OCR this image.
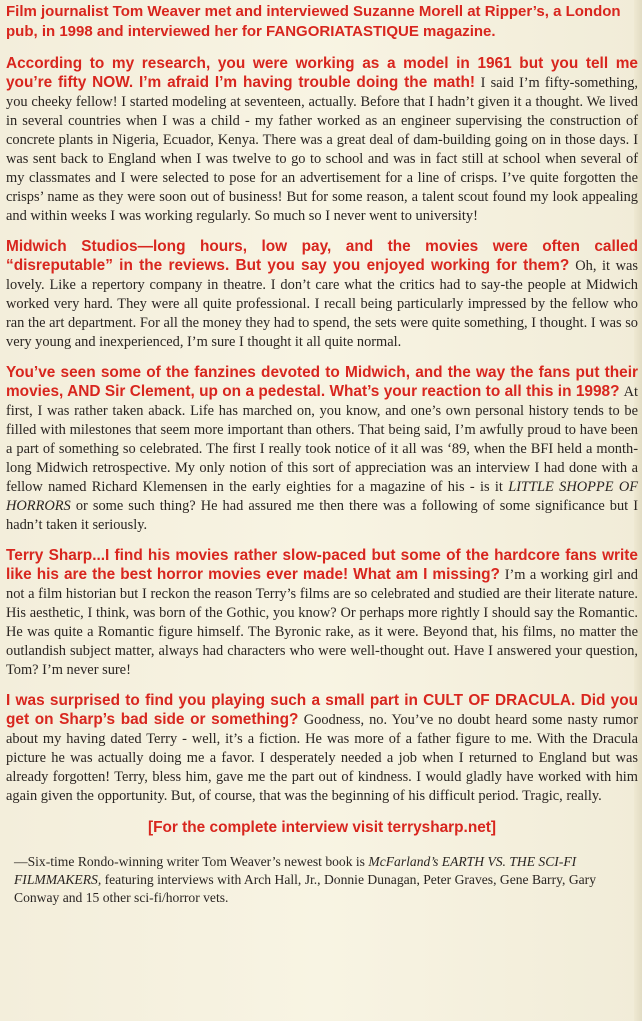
Film journalist Tom Weaver met and interviewed Suzanne Morell at Ripper’s, a London pub, in 1998 and interviewed her for FANGORIATASTIQUE magazine.

According to my research, you were working as a model in 1961 but you tell me you’re fifty NOW. I’m afraid I’m having trouble doing the math! I said I’m fifty-something, you cheeky fellow! I started modeling at seventeen, actually. Before that I hadn’t given it a thought. We lived in several countries when I was a child - my father worked as an engineer supervising the construction of concrete plants in Nigeria, Ecuador, Kenya. There was a great deal of dam-building going on in those days. I was sent back to England when I was twelve to go to school and was in fact still at school when several of my classmates and I were selected to pose for an advertisement for a line of crisps. I’ve quite forgotten the crisps’ name as they were soon out of business! But for some reason, a talent scout found my look appealing and within weeks I was working regularly. So much so I never went to university!

Midwich Studios—long hours, low pay, and the movies were often called “disreputable” in the reviews. But you say you enjoyed working for them? Oh, it was lovely. Like a repertory company in theatre. I don’t care what the critics had to say-the people at Midwich worked very hard. They were all quite professional. I recall being particularly impressed by the fellow who ran the art department. For all the money they had to spend, the sets were quite something, I thought. I was so very young and inexperienced, I’m sure I thought it all quite normal.

You’ve seen some of the fanzines devoted to Midwich, and the way the fans put their movies, AND Sir Clement, up on a pedestal. What’s your reaction to all this in 1998? At first, I was rather taken aback. Life has marched on, you know, and one’s own personal history tends to be filled with milestones that seem more important than others. That being said, I’m awfully proud to have been a part of something so celebrated. The first I really took notice of it all was ‘89, when the BFI held a month-long Midwich retrospective. My only notion of this sort of appreciation was an interview I had done with a fellow named Richard Klemensen in the early eighties for a magazine of his - is it LITTLE SHOPPE OF HORRORS or some such thing? He had assured me then there was a following of some significance but I hadn’t taken it seriously.

Terry Sharp...I find his movies rather slow-paced but some of the hardcore fans write like his are the best horror movies ever made! What am I missing? I’m a working girl and not a film historian but I reckon the reason Terry’s films are so celebrated and studied are their literate nature. His aesthetic, I think, was born of the Gothic, you know? Or perhaps more rightly I should say the Romantic. He was quite a Romantic figure himself. The Byronic rake, as it were. Beyond that, his films, no matter the outlandish subject matter, always had characters who were well-thought out. Have I answered your question, Tom? I’m never sure!

I was surprised to find you playing such a small part in CULT OF DRACULA. Did you get on Sharp’s bad side or something? Goodness, no. You’ve no doubt heard some nasty rumor about my having dated Terry - well, it’s a fiction. He was more of a father figure to me. With the Dracula picture he was actually doing me a favor. I desperately needed a job when I returned to England but was already forgotten! Terry, bless him, gave me the part out of kindness. I would gladly have worked with him again given the opportunity. But, of course, that was the beginning of his difficult period. Tragic, really.

[For the complete interview visit terrysharp.net]

—Six-time Rondo-winning writer Tom Weaver’s newest book is McFarland’s EARTH VS. THE SCI-FI FILMMAKERS, featuring interviews with Arch Hall, Jr., Donnie Dunagan, Peter Graves, Gene Barry, Gary Conway and 15 other sci-fi/horror vets.
